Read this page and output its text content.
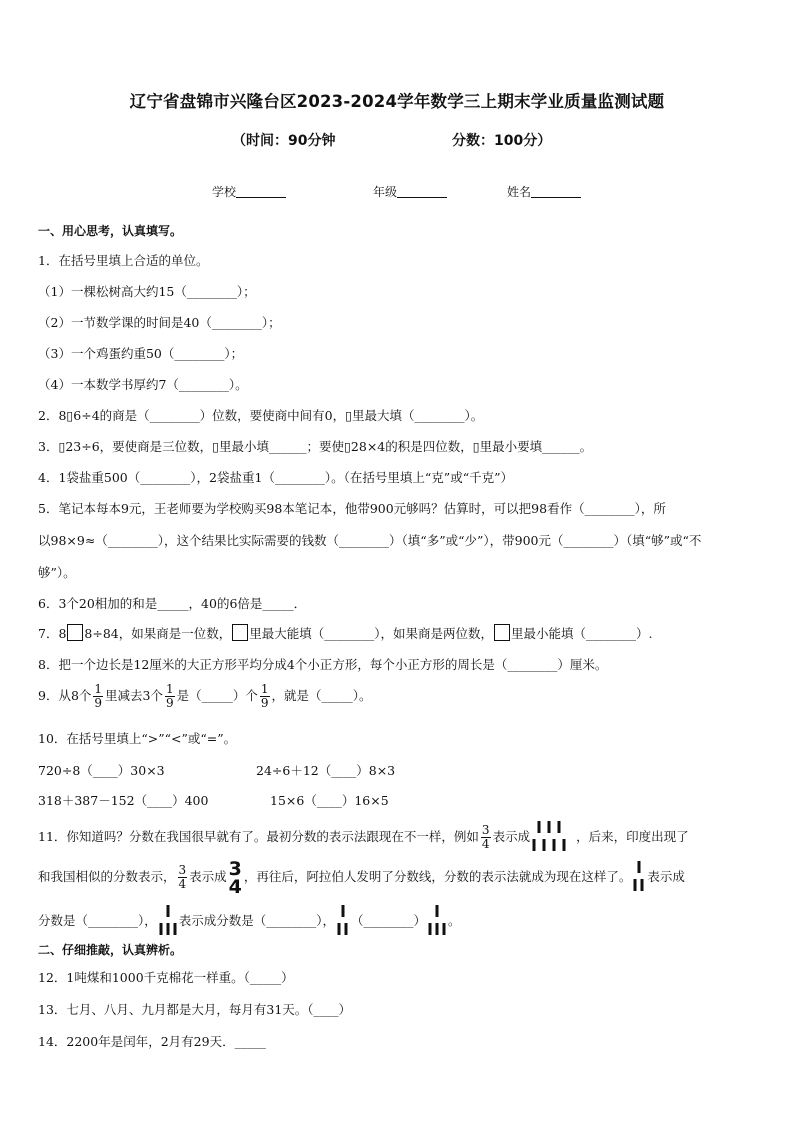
辽宁省盘锦市兴隆台区2023-2024学年数学三上期末学业质量监测试题
（时间：90分钟	分数：100分）
学校	年级	姓名
一、用心思考，认真填写。
1．在括号里填上合适的单位。
（1）一棵松树高大约15（________）；
（2）一节数学课的时间是40（________）；
（3）一个鸡蛋约重50（________）；
（4）一本数学书厚约7（________）。
2．8▯6÷4的商是（________）位数，要使商中间有0，▯里最大填（________）。
3．▯23÷6，要使商是三位数，▯里最小填______；要使▯28×4的积是四位数，▯里最小要填______。
4．1袋盐重500（________），2袋盐重1（________）。（在括号里填上“克”或“千克”）
5．笔记本每本9元，王老师要为学校购买98本笔记本，他带900元够吗？估算时，可以把98看作（________），所
以98×9≈（________），这个结果比实际需要的钱数（________）（填“多”或“少”），带900元（________）（填“够”或“不
够”）。
6．3个20相加的和是_____，40的6倍是_____．
7．8 8÷84，如果商是一位数， 里最大能填（________），如果商是两位数， 里最小能填（________）.
8．把一个边长是12厘米的大正方形平均分成4个小正方形，每个小正方形的周长是（________）厘米。
9．从8个 $\frac{1}{9}$ 里减去3个 $\frac{1}{9}$ 是（_____）个 $\frac{1}{9}$ ，就是（_____）。
10．在括号里填上“>”“<”或“=”。
720÷8（____）30×3	24÷6＋12（____）8×3
318＋387－152（____）400	15×6（____）16×5
11．你知道吗？分数在我国很早就有了。最初分数的表示法跟现在不一样，例如 $\frac{3}{4}$ 表示成	，后来，印度出现了
和我国相似的分数表示， $\frac{3}{4}$ 表示成 3
4 ，再往后，阿拉伯人发明了分数线，分数的表示法就成为现在这样了。 表示成
分数是（________）， 表示成分数是（________）， （________） 。
二、仔细推敲，认真辨析。
12．1吨煤和1000千克棉花一样重。（_____）
13．七月、八月、九月都是大月，每月有31天。（____）
14．2200年是闰年，2月有29天．_____
